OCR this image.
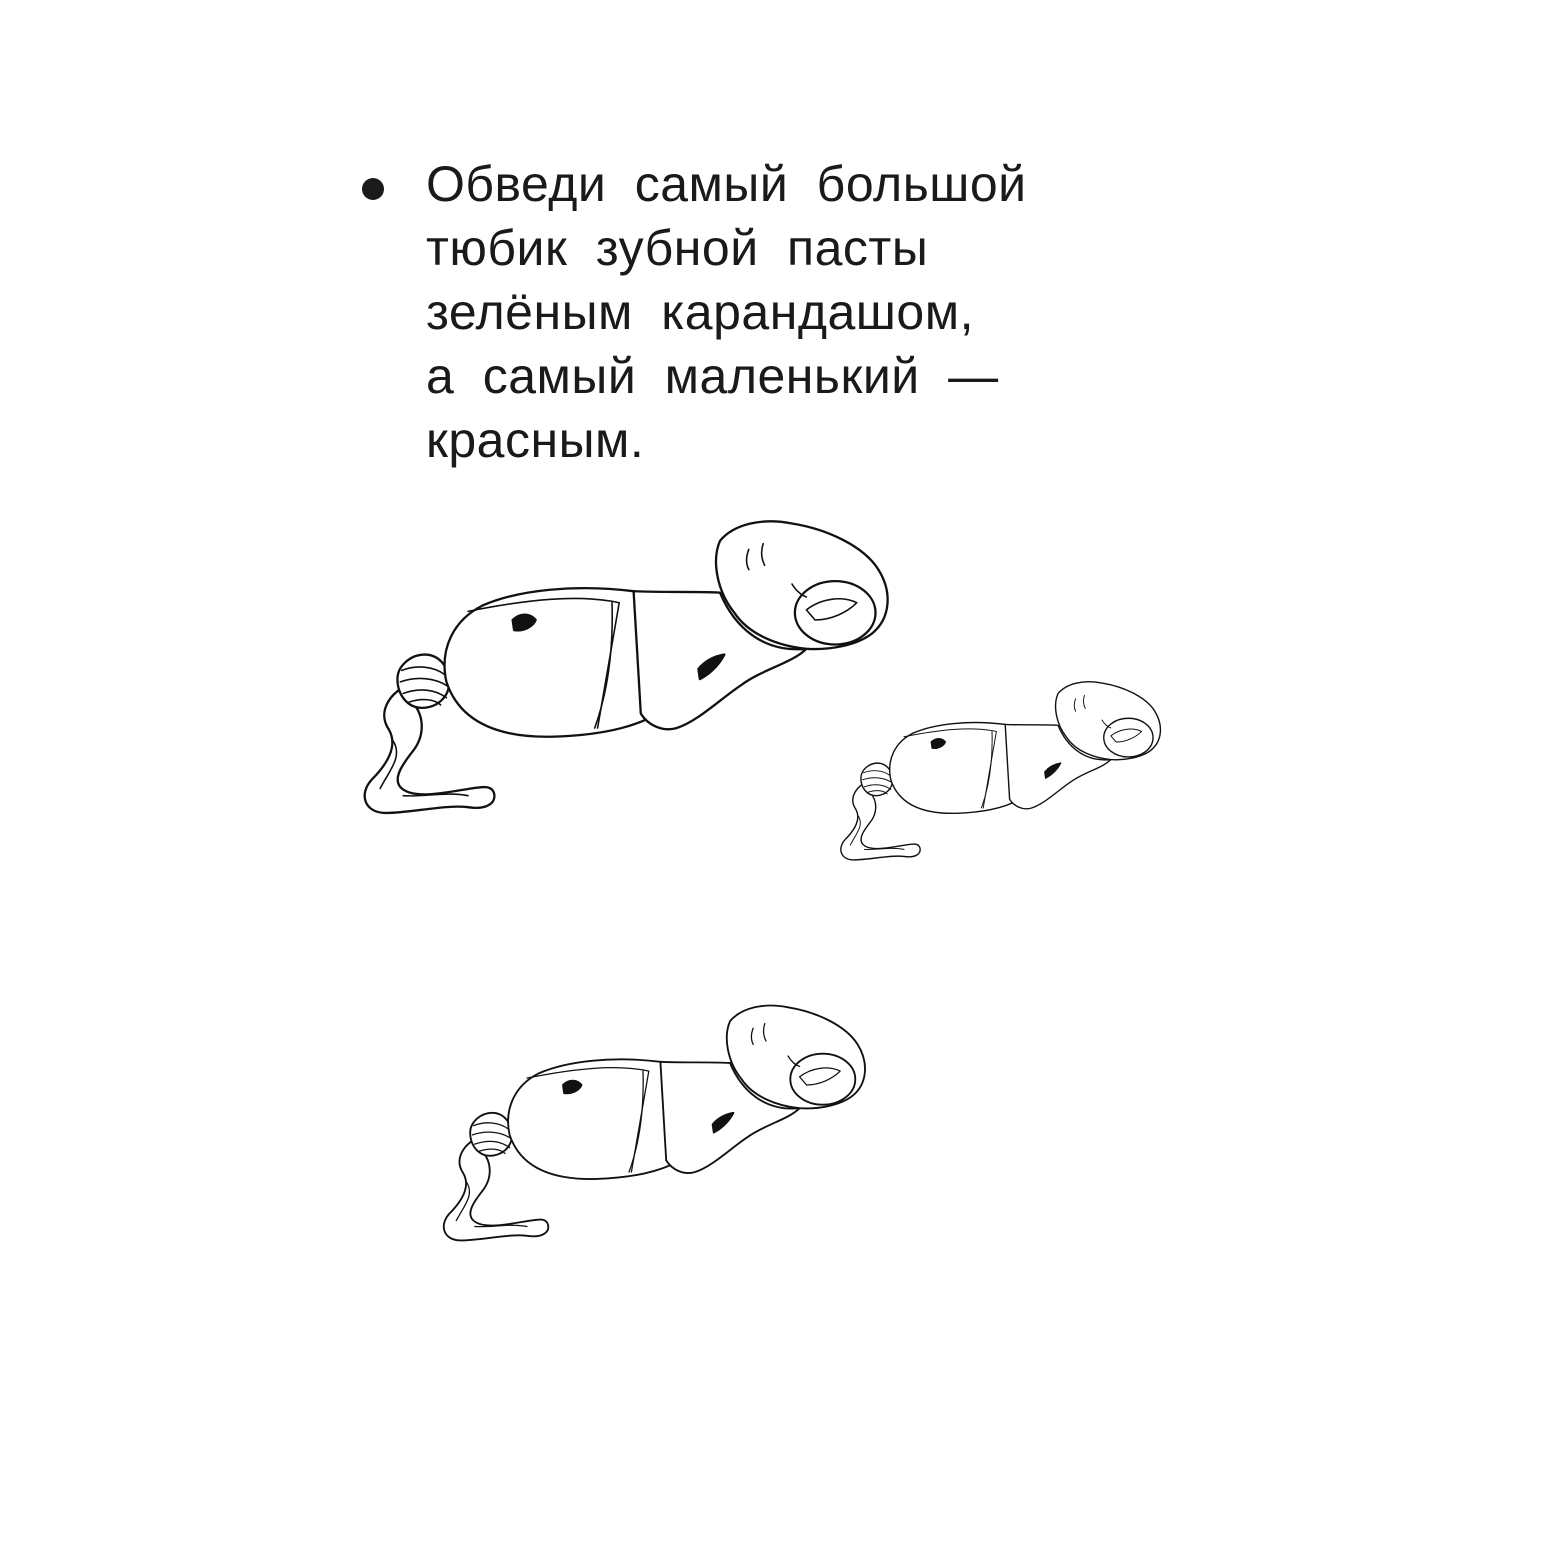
Обведи самый большой
тюбик зубной пасты
зелёным карандашом,
а самый маленький —
красным.
